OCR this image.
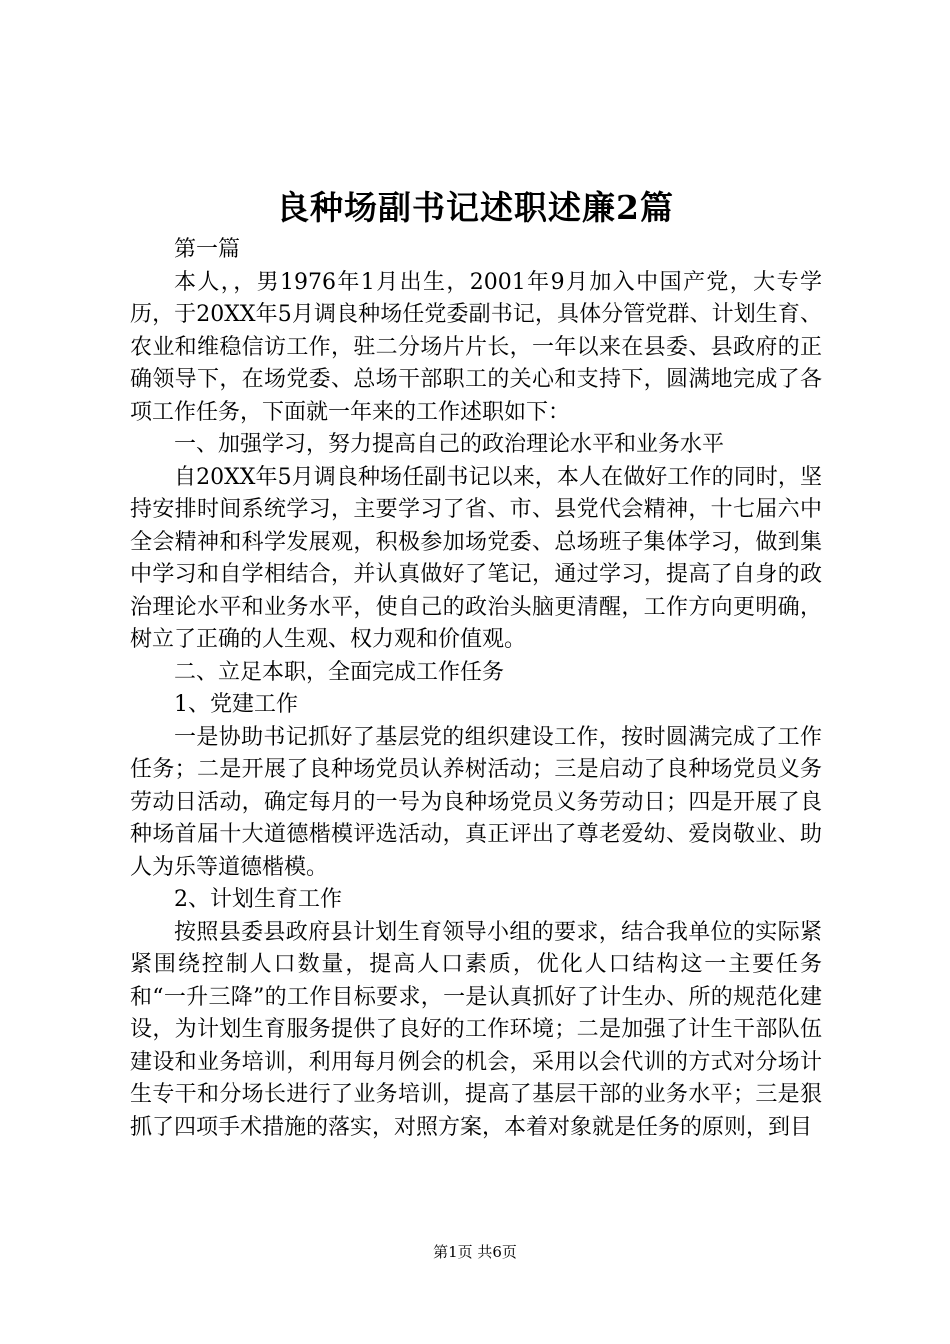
良种场副书记述职述廉2篇

第一篇

本人，，男1976年1月出生，2001年9月加入中国产党，大专学历，于20XX年5月调良种场任党委副书记，具体分管党群、计划生育、农业和维稳信访工作，驻二分场片片长，一年以来在县委、县政府的正确领导下，在场党委、总场干部职工的关心和支持下，圆满地完成了各项工作任务，下面就一年来的工作述职如下：

一、加强学习，努力提高自己的政治理论水平和业务水平

自20XX年5月调良种场任副书记以来，本人在做好工作的同时，坚持安排时间系统学习，主要学习了省、市、县党代会精神，十七届六中全会精神和科学发展观，积极参加场党委、总场班子集体学习，做到集中学习和自学相结合，并认真做好了笔记，通过学习，提高了自身的政治理论水平和业务水平，使自己的政治头脑更清醒，工作方向更明确，树立了正确的人生观、权力观和价值观。

二、立足本职，全面完成工作任务

1、党建工作

一是协助书记抓好了基层党的组织建设工作，按时圆满完成了工作任务；二是开展了良种场党员认养树活动；三是启动了良种场党员义务劳动日活动，确定每月的一号为良种场党员义务劳动日；四是开展了良种场首届十大道德楷模评选活动，真正评出了尊老爱幼、爱岗敬业、助人为乐等道德楷模。

2、计划生育工作

按照县委县政府县计划生育领导小组的要求，结合我单位的实际紧紧围绕控制人口数量，提高人口素质，优化人口结构这一主要任务和“一升三降”的工作目标要求，一是认真抓好了计生办、所的规范化建设，为计划生育服务提供了良好的工作环境；二是加强了计生干部队伍建设和业务培训，利用每月例会的机会，采用以会代训的方式对分场计生专干和分场长进行了业务培训，提高了基层干部的业务水平；三是狠抓了四项手术措施的落实，对照方案，本着对象就是任务的原则，到目

第1页 共6页
